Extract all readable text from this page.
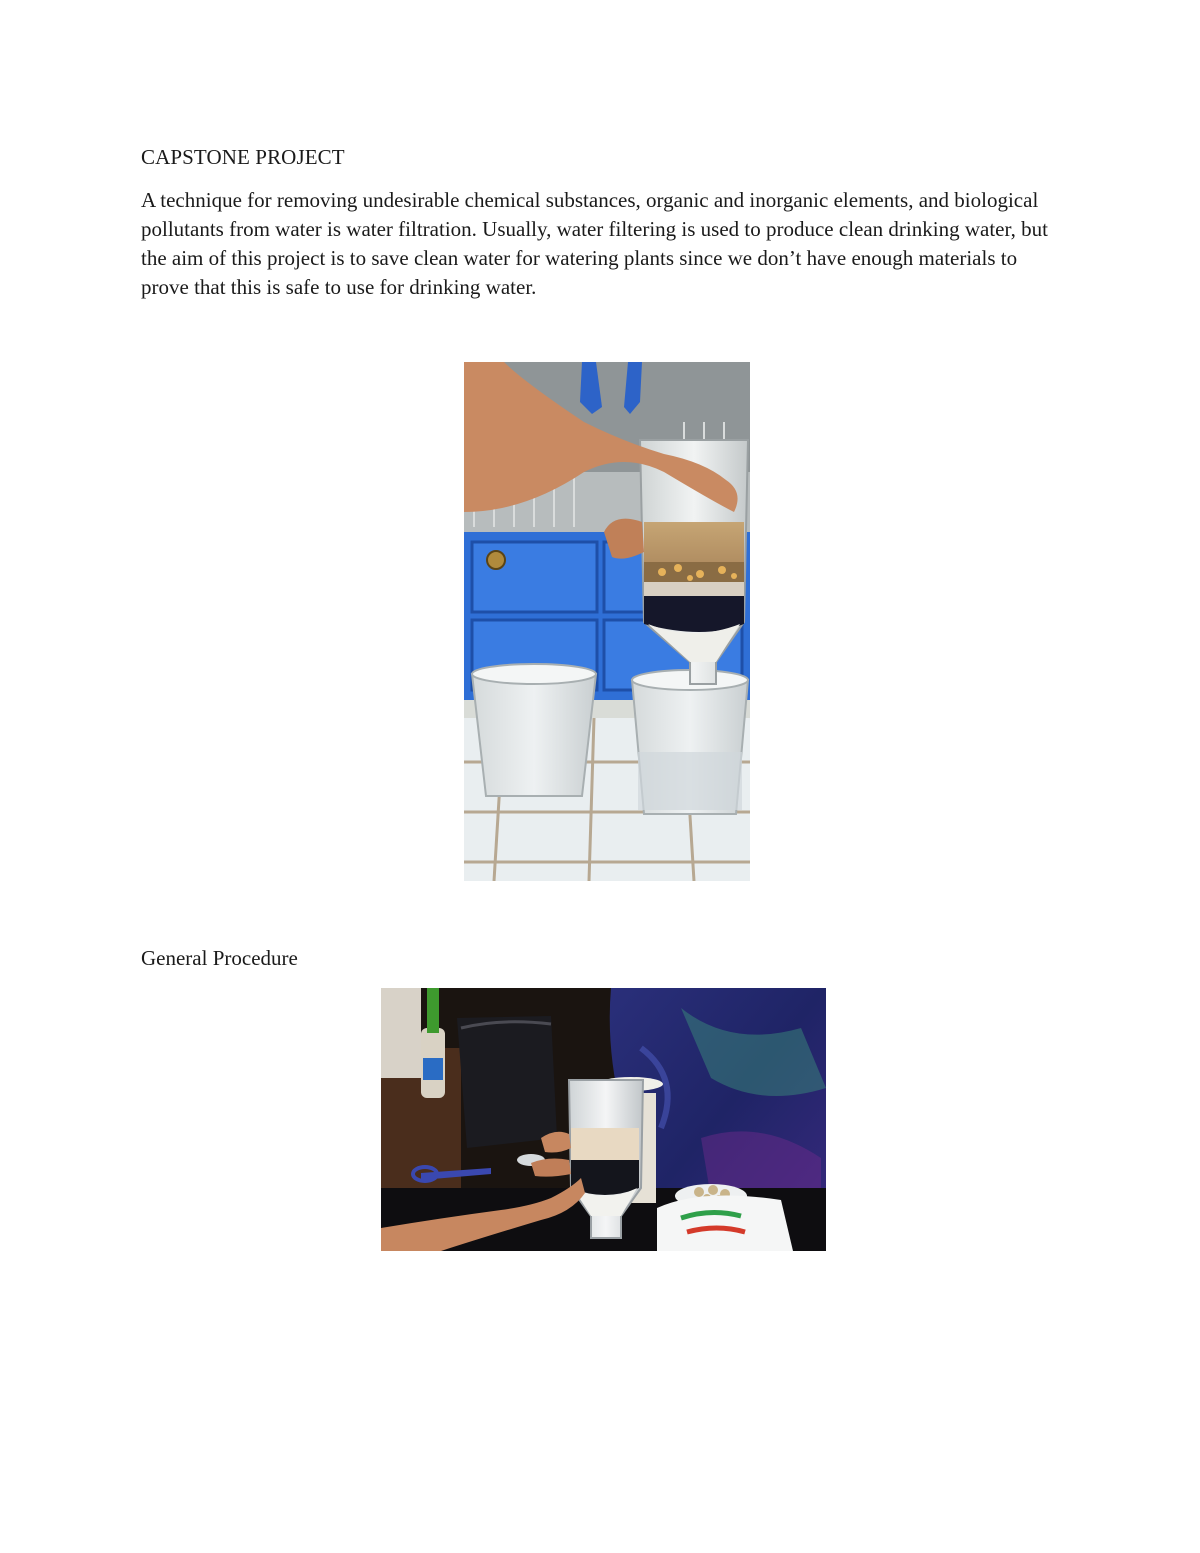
CAPSTONE PROJECT

A technique for removing undesirable chemical substances, organic and inorganic elements, and biological pollutants from water is water filtration. Usually, water filtering is used to produce clean drinking water, but the aim of this project is to save clean water for watering plants since we don’t have enough materials to prove that this is safe to use for drinking water.

General Procedure
